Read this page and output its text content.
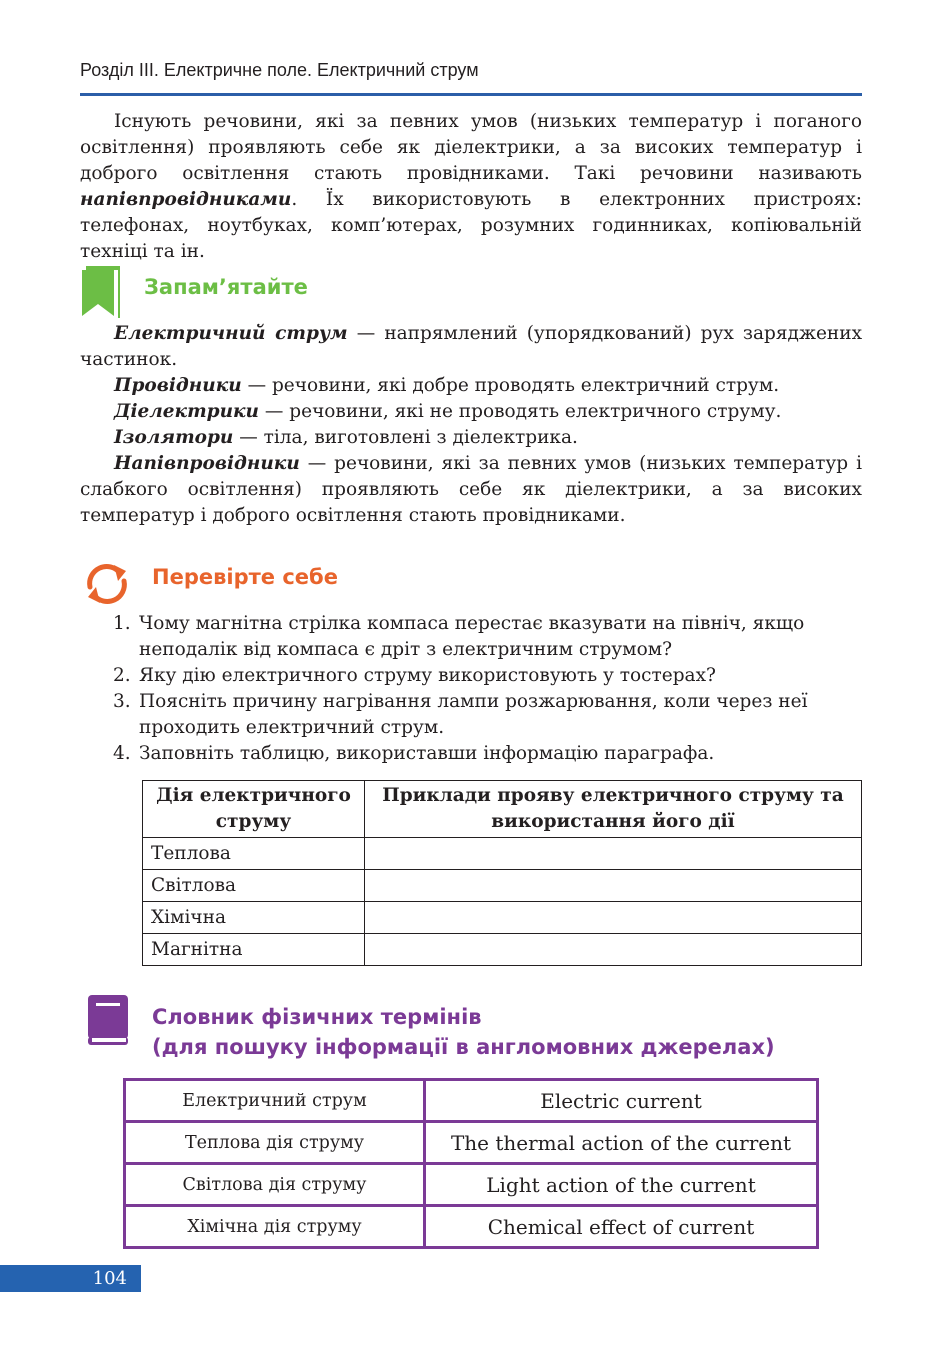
Розділ ІІІ. Електричне поле. Електричний струм

Існують речовини, які за певних умов (низьких температур і поганого освітлення) проявляють себе як діелектрики, а за високих температур і доброго освітлення стають провідниками. Такі речовини називають напівпровідниками. Їх використовують в електронних пристроях: телефонах, ноутбуках, комп’ютерах, розумних годинниках, копіювальній техніці та ін.

Запам’ятайте

Електричний струм — напрямлений (упорядкований) рух заряджених частинок.

Провідники — речовини, які добре проводять електричний струм.

Діелектрики — речовини, які не проводять електричного струму.

Ізолятори — тіла, виготовлені з діелектрика.

Напівпровідники — речовини, які за певних умов (низьких температур і слабкого освітлення) проявляють себе як діелектрики, а за високих температур і доброго освітлення стають провідниками.

Перевірте себе
1. Чому магнітна стрілка компаса перестає вказувати на північ, якщо неподалік від компаса є дріт з електричним струмом?
2. Яку дію електричного струму використовують у тостерах?
3. Поясніть причину нагрівання лампи розжарювання, коли через неї проходить електричний струм.
4. Заповніть таблицю, використавши інформацію параграфа.
Дія електричного струму	Приклади прояву електричного струму та використання його дії
Теплова	
Світлова	
Хімічна	
Магнітна	
Словник фізичних термінів
(для пошуку інформації в англомовних джерелах)
Електричний струм	Electric current
Теплова дія струму	The thermal action of the current
Світлова дія струму	Light action of the current
Хімічна дія струму	Chemical effect of current
104
